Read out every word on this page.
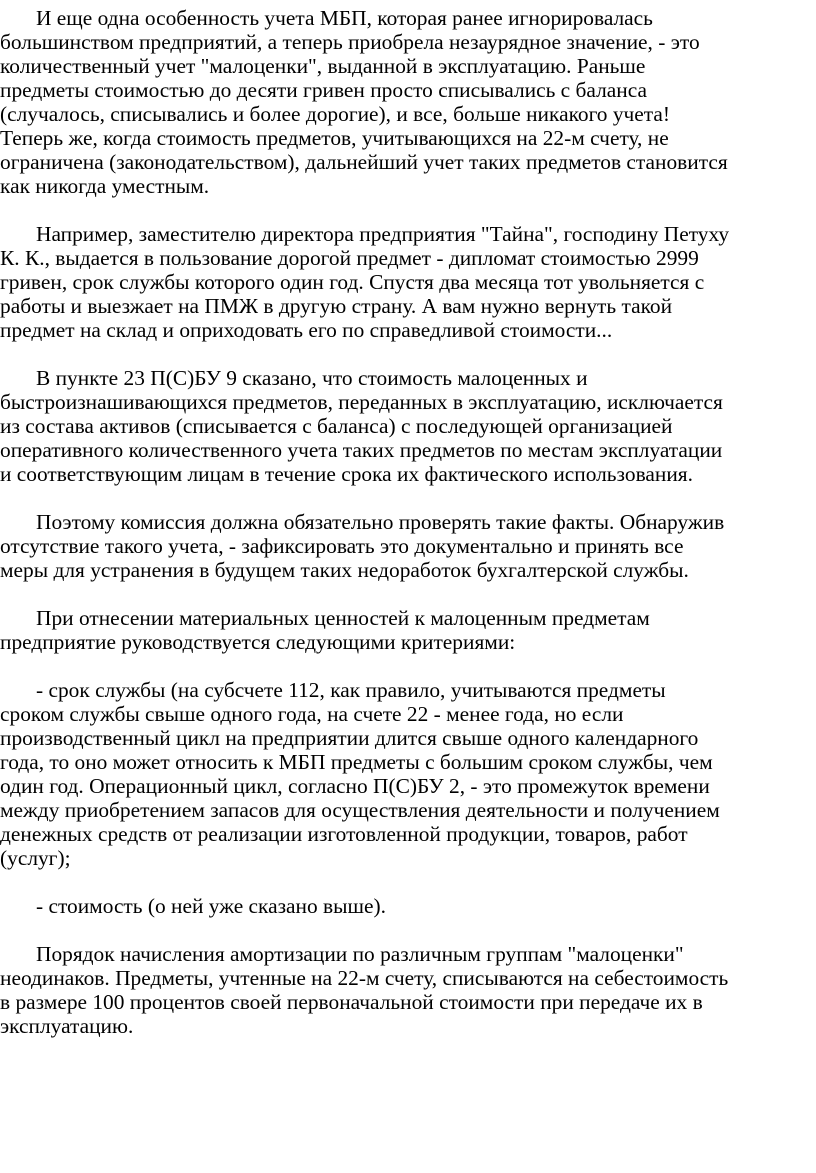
И еще одна особенность учета МБП, которая ранее игнорировалась
большинством предприятий, а теперь приобрела незаурядное значение, - это
количественный учет "малоценки", выданной в эксплуатацию. Раньше
предметы стоимостью до десяти гривен просто списывались с баланса
(случалось, списывались и более дорогие), и все, больше никакого учета!
Теперь же, когда стоимость предметов, учитывающихся на 22-м счету, не
ограничена (законодательством), дальнейший учет таких предметов становится
как никогда уместным.
Например, заместителю директора предприятия "Тайна", господину Петуху
К. К., выдается в пользование дорогой предмет - дипломат стоимостью 2999
гривен, срок службы которого один год. Спустя два месяца тот увольняется с
работы и выезжает на ПМЖ в другую страну. А вам нужно вернуть такой
предмет на склад и оприходовать его по справедливой стоимости...
В пункте 23 П(С)БУ 9 сказано, что стоимость малоценных и
быстроизнашивающихся предметов, переданных в эксплуатацию, исключается
из состава активов (списывается с баланса) с последующей организацией
оперативного количественного учета таких предметов по местам эксплуатации
и соответствующим лицам в течение срока их фактического использования.
Поэтому комиссия должна обязательно проверять такие факты. Обнаружив
отсутствие такого учета, - зафиксировать это документально и принять все
меры для устранения в будущем таких недоработок бухгалтерской службы.
При отнесении материальных ценностей к малоценным предметам
предприятие руководствуется следующими критериями:
- срок службы (на субсчете 112, как правило, учитываются предметы
сроком службы свыше одного года, на счете 22 - менее года, но если
производственный цикл на предприятии длится свыше одного календарного
года, то оно может относить к МБП предметы с большим сроком службы, чем
один год. Операционный цикл, согласно П(С)БУ 2, - это промежуток времени
между приобретением запасов для осуществления деятельности и получением
денежных средств от реализации изготовленной продукции, товаров, работ
(услуг);
- стоимость (о ней уже сказано выше).
Порядок начисления амортизации по различным группам "малоценки"
неодинаков. Предметы, учтенные на 22-м счету, списываются на себестоимость
в размере 100 процентов своей первоначальной стоимости при передаче их в
эксплуатацию.
